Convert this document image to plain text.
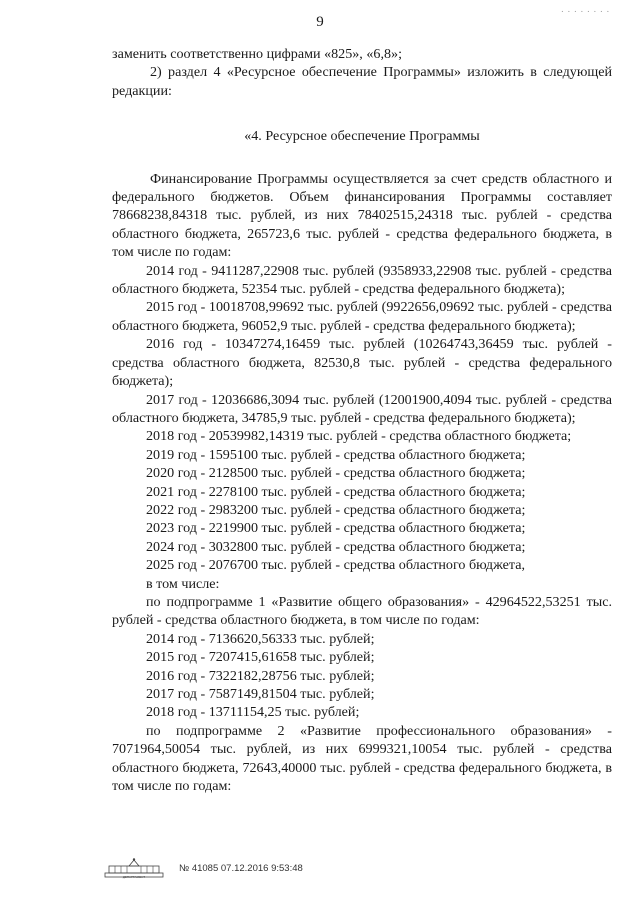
9
. . . . . . . .

заменить соответственно цифрами «825», «6,8»;

2) раздел 4 «Ресурсное обеспечение Программы» изложить в следующей редакции:

«4. Ресурсное обеспечение Программы

Финансирование Программы осуществляется за счет средств областного и федерального бюджетов. Объем финансирования Программы составляет 78668238,84318 тыс. рублей, из них 78402515,24318 тыс. рублей - средства областного бюджета, 265723,6 тыс. рублей - средства федерального бюджета, в том числе по годам:

2014 год - 9411287,22908 тыс. рублей (9358933,22908 тыс. рублей - средства областного бюджета, 52354 тыс. рублей - средства федерального бюджета);

2015 год - 10018708,99692 тыс. рублей (9922656,09692 тыс. рублей - средства областного бюджета, 96052,9 тыс. рублей - средства федерального бюджета);

2016 год - 10347274,16459 тыс. рублей (10264743,36459 тыс. рублей - средства областного бюджета, 82530,8 тыс. рублей - средства федерального бюджета);

2017 год - 12036686,3094 тыс. рублей (12001900,4094 тыс. рублей - средства областного бюджета, 34785,9 тыс. рублей - средства федерального бюджета);

2018 год - 20539982,14319 тыс. рублей - средства областного бюджета;

2019 год - 1595100 тыс. рублей - средства областного бюджета;

2020 год - 2128500 тыс. рублей - средства областного бюджета;

2021 год - 2278100 тыс. рублей - средства областного бюджета;

2022 год - 2983200 тыс. рублей - средства областного бюджета;

2023 год - 2219900 тыс. рублей - средства областного бюджета;

2024 год - 3032800 тыс. рублей - средства областного бюджета;

2025 год - 2076700 тыс. рублей - средства областного бюджета,

в том числе:

по подпрограмме 1 «Развитие общего образования» - 42964522,53251 тыс. рублей - средства областного бюджета, в том числе по годам:

2014 год - 7136620,56333 тыс. рублей;

2015 год - 7207415,61658 тыс. рублей;

2016 год - 7322182,28756 тыс. рублей;

2017 год - 7587149,81504 тыс. рублей;

2018 год - 13711154,25 тыс. рублей;

по подпрограмме 2 «Развитие профессионального образования» - 7071964,50054 тыс. рублей, из них 6999321,10054 тыс. рублей - средства областного бюджета, 72643,40000 тыс. рублей - средства федерального бюджета, в том числе по годам:

ДЕПАРТАМЕНТ
№ 41085 07.12.2016 9:53:48
